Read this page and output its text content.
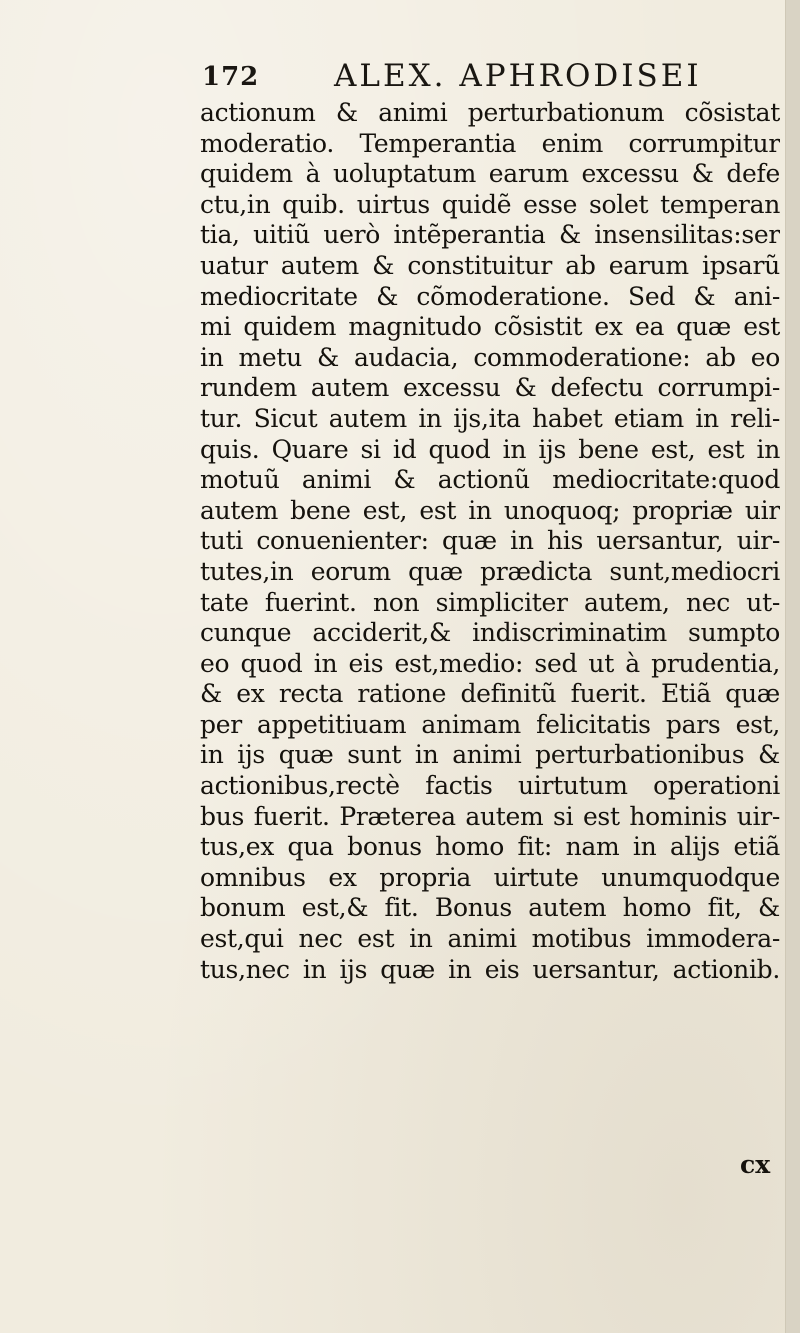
172 ALEX. APHRODISEI
actionum & animi perturbationum cõsistat
moderatio. Temperantia enim corrumpitur
quidem à uoluptatum earum excessu & defe
ctu,in quib. uirtus quidẽ esse solet temperan
tia, uitiũ uerò intẽperantia & insensilitas:ser
uatur autem & constituitur ab earum ipsarũ
mediocritate & cõmoderatione. Sed & ani-
mi quidem magnitudo cõsistit ex ea quæ est
in metu & audacia, commoderatione: ab eo
rundem autem excessu & defectu corrumpi-
tur. Sicut autem in ijs,ita habet etiam in reli-
quis. Quare si id quod in ijs bene est, est in
motuũ animi & actionũ mediocritate:quod
autem bene est, est in unoquoq; propriæ uir
tuti conuenienter: quæ in his uersantur, uir-
tutes,in eorum quæ prædicta sunt,mediocri
tate fuerint. non simpliciter autem, nec ut-
cunque acciderit,& indiscriminatim sumpto
eo quod in eis est,medio: sed ut à prudentia,
& ex recta ratione definitũ fuerit. Etiã quæ
per appetitiuam animam felicitatis pars est,
in ijs quæ sunt in animi perturbationibus &
actionibus,rectè factis uirtutum operationi
bus fuerit. Præterea autem si est hominis uir-
tus,ex qua bonus homo fit: nam in alijs etiã
omnibus ex propria uirtute unumquodque
bonum est,& fit. Bonus autem homo fit, &
est,qui nec est in animi motibus immodera-
tus,nec in ijs quæ in eis uersantur, actionib.
cx
